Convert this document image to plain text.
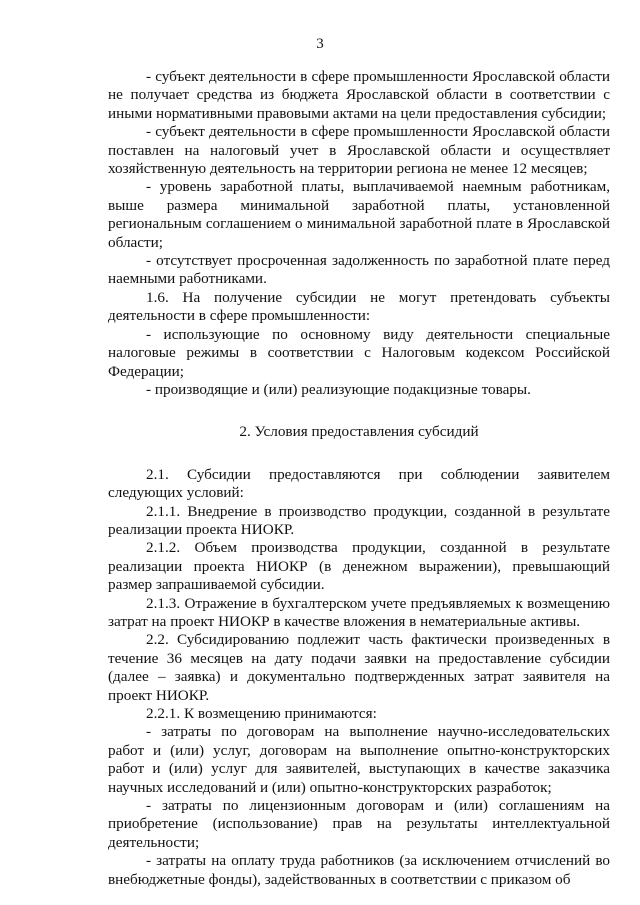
3

- субъект деятельности в сфере промышленности Ярославской области не получает средства из бюджета Ярославской области в соответствии с иными нормативными правовыми актами на цели предоставления субсидии;

- субъект деятельности в сфере промышленности Ярославской области поставлен на налоговый учет в Ярославской области и осуществляет хозяйственную деятельность на территории региона не менее 12 месяцев;

- уровень заработной платы, выплачиваемой наемным работникам, выше размера минимальной заработной платы, установленной региональным соглашением о минимальной заработной плате в Ярославской области;

- отсутствует просроченная задолженность по заработной плате перед наемными работниками.

1.6. На получение субсидии не могут претендовать субъекты деятельности в сфере промышленности:

- использующие по основному виду деятельности специальные налоговые режимы в соответствии с Налоговым кодексом Российской Федерации;

- производящие и (или) реализующие подакцизные товары.

2. Условия предоставления субсидий

2.1. Субсидии предоставляются при соблюдении заявителем следующих условий:

2.1.1. Внедрение в производство продукции, созданной в результате реализации проекта НИОКР.

2.1.2. Объем производства продукции, созданной в результате реализации проекта НИОКР (в денежном выражении), превышающий размер запрашиваемой субсидии.

2.1.3. Отражение в бухгалтерском учете предъявляемых к возмещению затрат на проект НИОКР в качестве вложения в нематериальные активы.

2.2. Субсидированию подлежит часть фактически произведенных в течение 36 месяцев на дату подачи заявки на предоставление субсидии (далее – заявка) и документально подтвержденных затрат заявителя на проект НИОКР.

2.2.1. К возмещению принимаются:

- затраты по договорам на выполнение научно-исследовательских работ и (или) услуг, договорам на выполнение опытно-конструкторских работ и (или) услуг для заявителей, выступающих в качестве заказчика научных исследований и (или) опытно-конструкторских разработок;

- затраты по лицензионным договорам и (или) соглашениям на приобретение (использование) прав на результаты интеллектуальной деятельности;

- затраты на оплату труда работников (за исключением отчислений во внебюджетные фонды), задействованных в соответствии с приказом об
